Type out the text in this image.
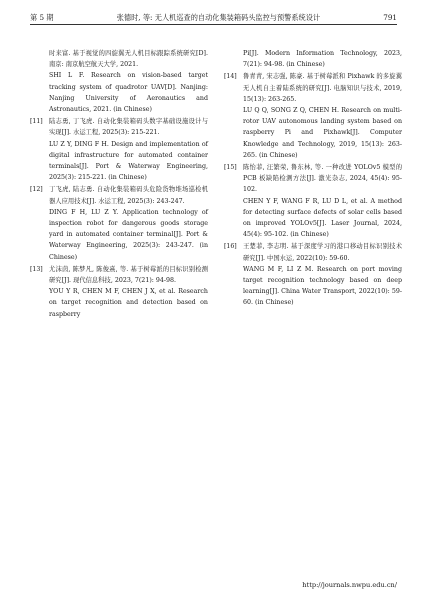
第 5 期	张德时, 等: 无人机巡查的自动化集装箱码头监控与预警系统设计	791

时来富. 基于视觉的四旋翼无人机目标跟踪系统研究[D]. 南京: 南京航空航天大学, 2021.

SHI L F. Research on vision-based target tracking system of quadrotor UAV[D]. Nanjing: Nanjing University of Aeronautics and Astronautics, 2021. (in Chinese)

[11] 陆志勇, 丁飞虎. 自动化集装箱码头数字基础设施设计与实现[J]. 水运工程, 2025(3): 215-221.

LU Z Y, DING F H. Design and implementation of digital infrastructure for automated container terminals[J]. Port & Waterway Engineering, 2025(3): 215-221. (in Chinese)

[12] 丁飞虎, 陆志勇. 自动化集装箱码头危险货物堆场巡检机器人应用技术[J]. 水运工程, 2025(3): 243-247.

DING F H, LU Z Y. Application technology of inspection robot for dangerous goods storage yard in automated container terminal[J]. Port & Waterway Engineering, 2025(3): 243-247. (in Chinese)

[13] 尤沫茵, 陈梦凡, 陈俊熹, 等. 基于树莓派的目标识别检测研究[J]. 现代信息科技, 2023, 7(21): 94-98.

YOU Y R, CHEN M F, CHEN J X, et al. Research on target recognition and detection based on raspberry

Pi[J]. Modern Information Technology, 2023, 7(21): 94-98. (in Chinese)

[14] 鲁青青, 宋志强, 陈豪. 基于树莓派和 Pixhawk 的多旋翼无人机自主着陆系统的研究[J]. 电脑知识与技术, 2019, 15(13): 263-265.

LU Q Q, SONG Z Q, CHEN H. Research on multi-rotor UAV autonomous landing system based on raspberry Pi and Pixhawk[J]. Computer Knowledge and Technology, 2019, 15(13): 263-265. (in Chinese)

[15] 陈怡菲, 汪繁荣, 鲁东林, 等. 一种改进 YOLOv5 模型的 PCB 板缺陷检测方法[J]. 激光杂志, 2024, 45(4): 95-102.

CHEN Y F, WANG F R, LU D L, et al. A method for detecting surface defects of solar cells based on improved YOLOv5[J]. Laser Journal, 2024, 45(4): 95-102. (in Chinese)

[16] 王楚菲, 李志明. 基于深度学习的港口移动目标识别技术研究[J]. 中国水运, 2022(10): 59-60.

WANG M F, LI Z M. Research on port moving target recognition technology based on deep learning[J]. China Water Transport, 2022(10): 59-60. (in Chinese)

http://journals.nwpu.edu.cn/
